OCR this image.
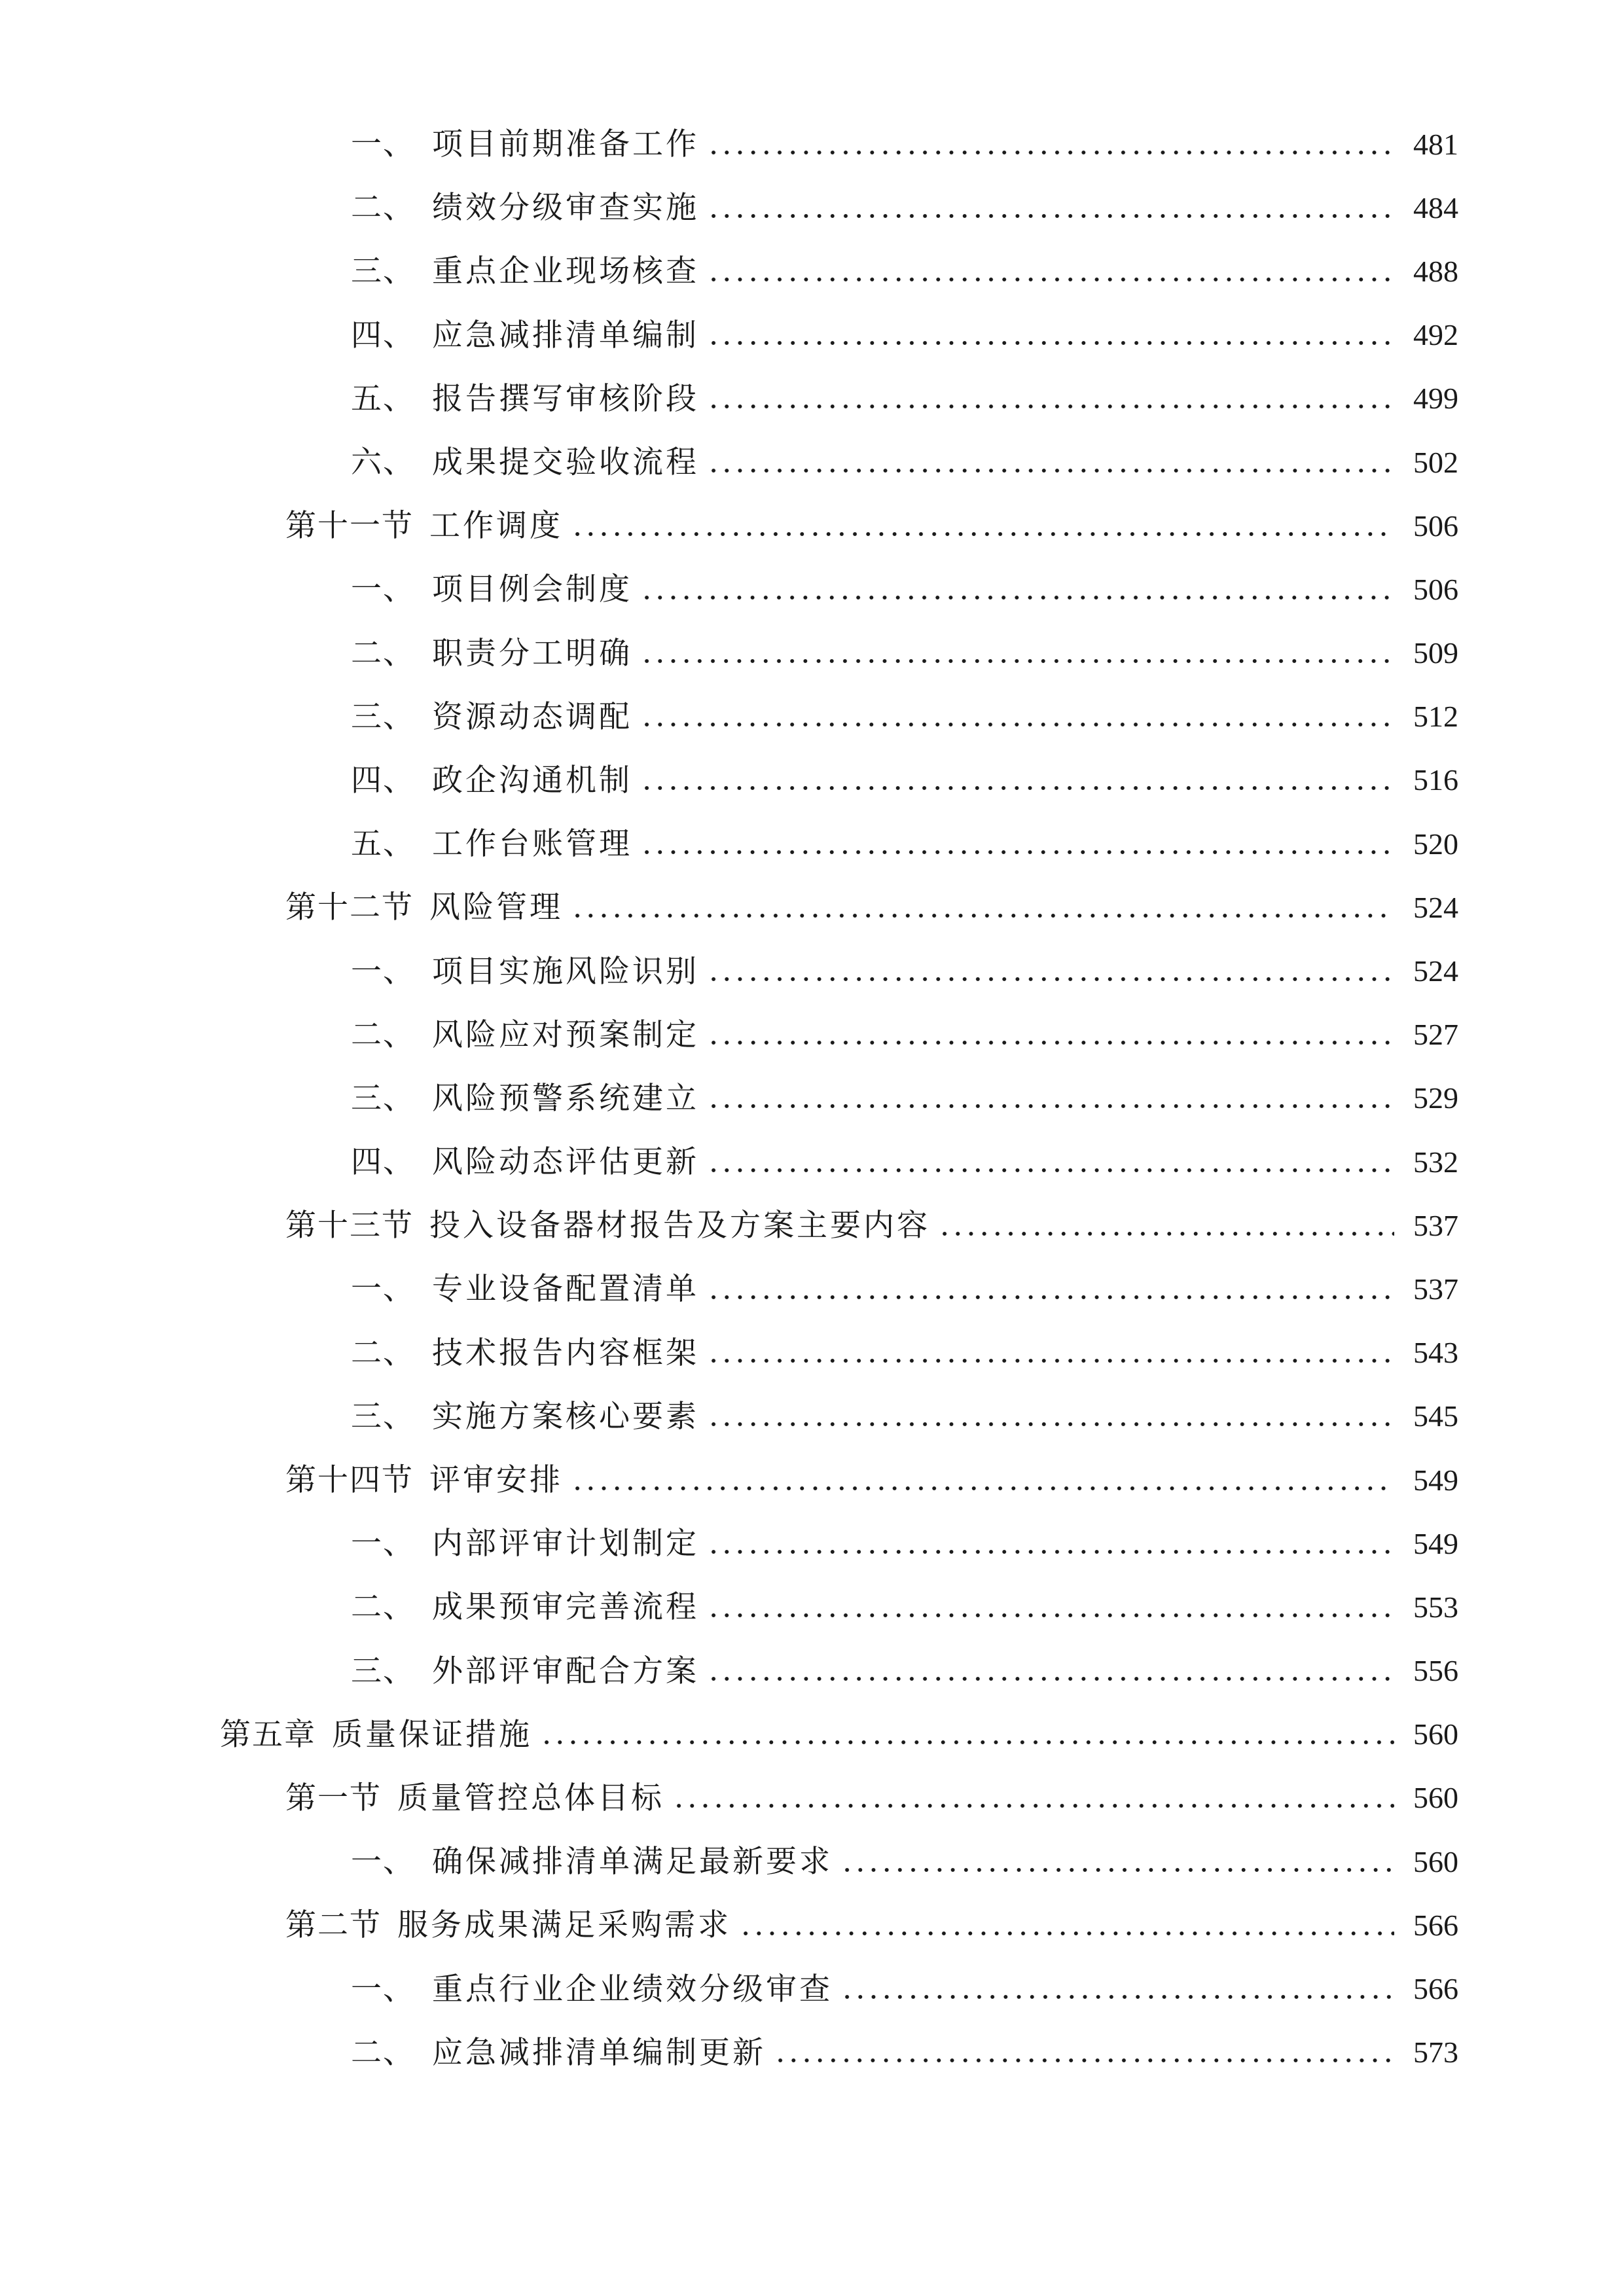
一、 项目前期准备工作	481
二、 绩效分级审查实施	484
三、 重点企业现场核查	488
四、 应急减排清单编制	492
五、 报告撰写审核阶段	499
六、 成果提交验收流程	502
第十一节 工作调度	506
一、 项目例会制度	506
二、 职责分工明确	509
三、 资源动态调配	512
四、 政企沟通机制	516
五、 工作台账管理	520
第十二节 风险管理	524
一、 项目实施风险识别	524
二、 风险应对预案制定	527
三、 风险预警系统建立	529
四、 风险动态评估更新	532
第十三节 投入设备器材报告及方案主要内容	537
一、 专业设备配置清单	537
二、 技术报告内容框架	543
三、 实施方案核心要素	545
第十四节 评审安排	549
一、 内部评审计划制定	549
二、 成果预审完善流程	553
三、 外部评审配合方案	556
第五章 质量保证措施	560
第一节 质量管控总体目标	560
一、 确保减排清单满足最新要求	560
第二节 服务成果满足采购需求	566
一、 重点行业企业绩效分级审查	566
二、 应急减排清单编制更新	573
